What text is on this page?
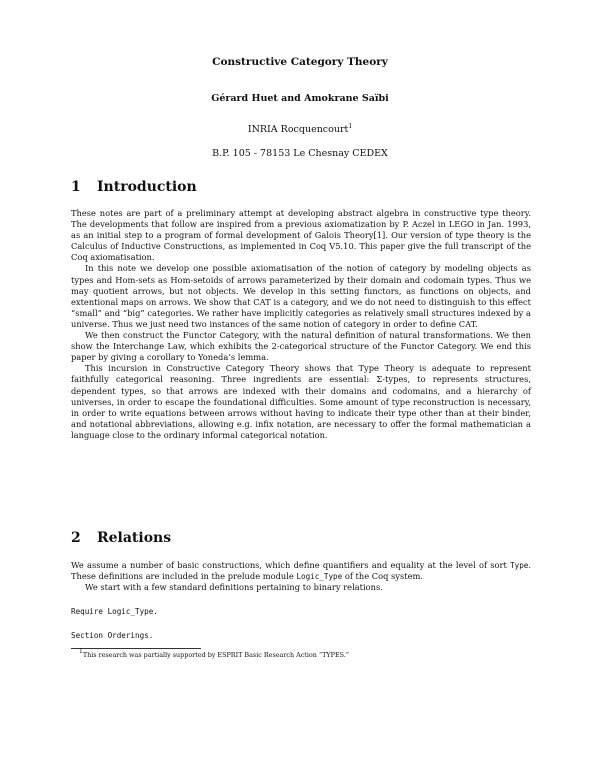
Constructive Category Theory
Gérard Huet and Amokrane Saïbi
INRIA Rocquencourt$^1$
B.P. 105 - 78153 Le Chesnay CEDEX
1 Introduction

These notes are part of a preliminary attempt at developing abstract algebra in constructive type theory. The developments that follow are inspired from a previous axiomatization by P. Aczel in LEGO in Jan. 1993, as an initial step to a program of formal development of Galois Theory[1]. Our version of type theory is the Calculus of Inductive Constructions, as implemented in Coq V5.10. This paper give the full transcript of the Coq axiomatisation.

In this note we develop one possible axiomatisation of the notion of category by modeling objects as types and Hom-sets as Hom-setoids of arrows parameterized by their domain and codomain types. Thus we may quotient arrows, but not objects. We develop in this setting functors, as functions on objects, and extentional maps on arrows. We show that CAT is a category, and we do not need to distinguish to this effect “small” and “big” categories. We rather have implicitly categories as relatively small structures indexed by a universe. Thus we just need two instances of the same notion of category in order to define CAT.

We then construct the Functor Category, with the natural definition of natural transformations. We then show the Interchange Law, which exhibits the 2-categorical structure of the Functor Category. We end this paper by giving a corollary to Yoneda’s lemma.

This incursion in Constructive Category Theory shows that Type Theory is adequate to represent faithfully categorical reasoning. Three ingredients are essential: Σ-types, to represents structures, dependent types, so that arrows are indexed with their domains and codomains, and a hierarchy of universes, in order to escape the foundational difficulties. Some amount of type reconstruction is necessary, in order to write equations between arrows without having to indicate their type other than at their binder, and notational abbreviations, allowing e.g. infix notation, are necessary to offer the formal mathematician a language close to the ordinary informal categorical notation.

2 Relations

We assume a number of basic constructions, which define quantifiers and equality at the level of sort Type. These definitions are included in the prelude module Logic_Type of the Coq system.

We start with a few standard definitions pertaining to binary relations.

Require Logic_Type.
Section Orderings.
$^1$This research was partially supported by ESPRIT Basic Research Action “TYPES.”
